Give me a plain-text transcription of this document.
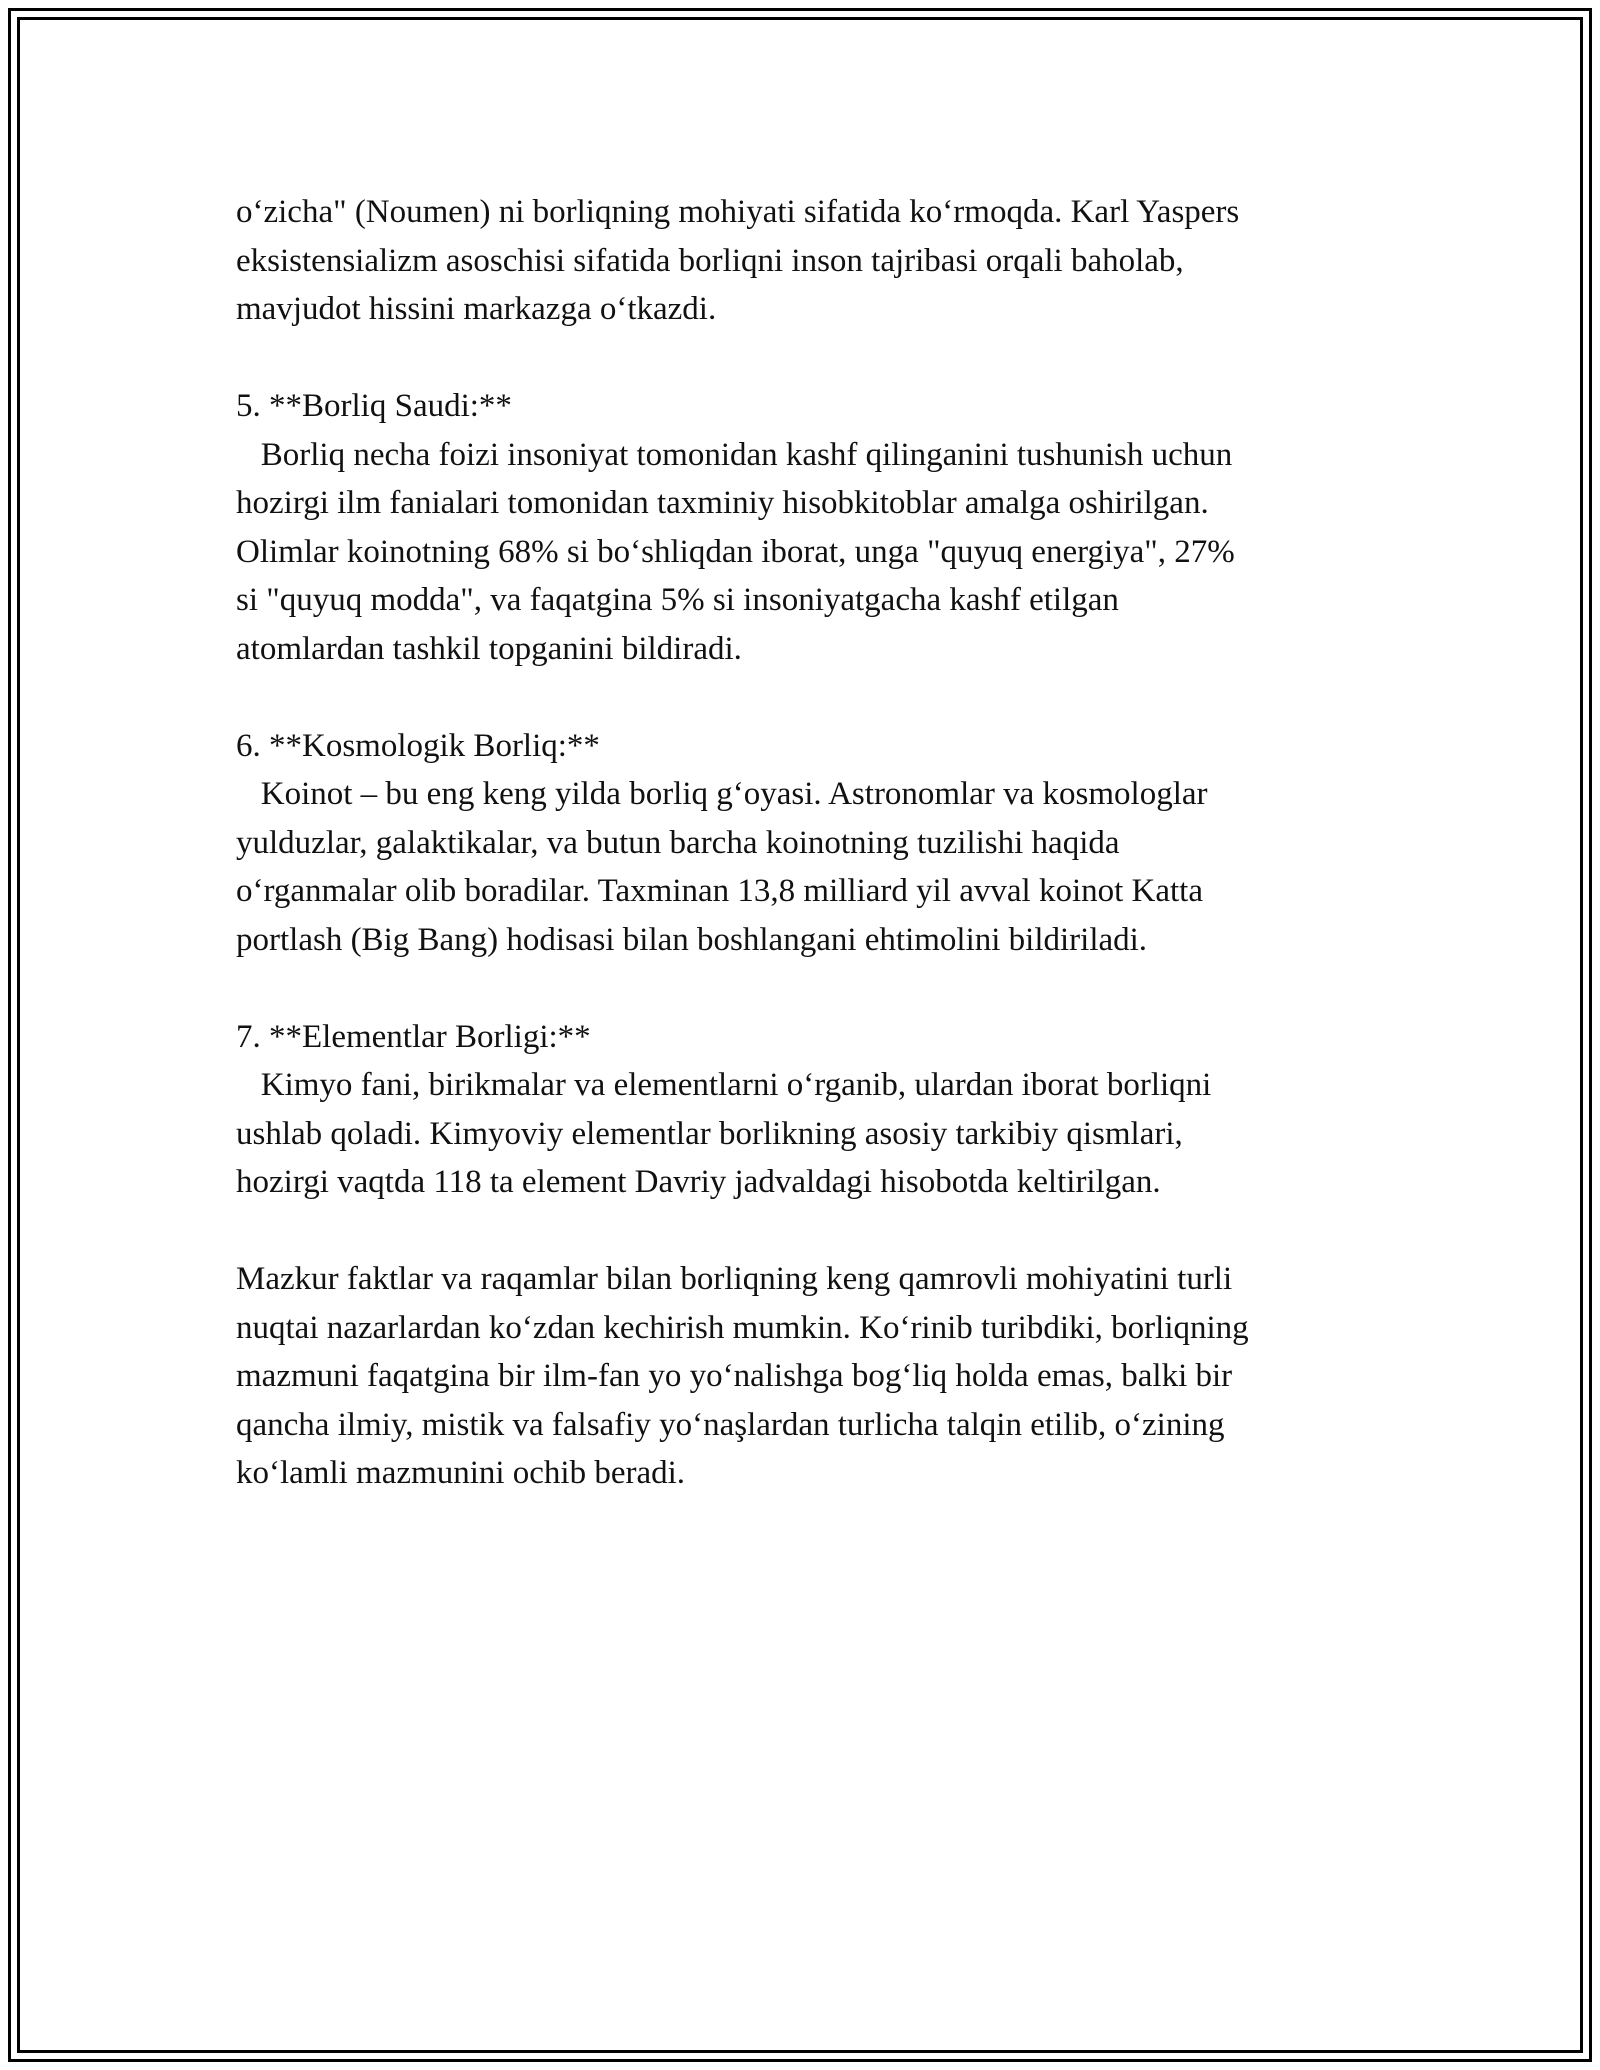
o‘zicha" (Noumen) ni borliqning mohiyati sifatida ko‘rmoqda. Karl Yaspers

eksistensializm asoschisi sifatida borliqni inson tajribasi orqali baholab,

mavjudot hissini markazga o‘tkazdi.

5. **Borliq Saudi:**

Borliq necha foizi insoniyat tomonidan kashf qilinganini tushunish uchun

hozirgi ilm fanialari tomonidan taxminiy hisobkitoblar amalga oshirilgan.

Olimlar koinotning 68% si bo‘shliqdan iborat, unga "quyuq energiya", 27%

si "quyuq modda", va faqatgina 5% si insoniyatgacha kashf etilgan

atomlardan tashkil topganini bildiradi.

6. **Kosmologik Borliq:**

Koinot – bu eng keng yilda borliq g‘oyasi. Astronomlar va kosmologlar

yulduzlar, galaktikalar, va butun barcha koinotning tuzilishi haqida

o‘rganmalar olib boradilar. Taxminan 13,8 milliard yil avval koinot Katta

portlash (Big Bang) hodisasi bilan boshlangani ehtimolini bildiriladi.

7. **Elementlar Borligi:**

Kimyo fani, birikmalar va elementlarni o‘rganib, ulardan iborat borliqni

ushlab qoladi. Kimyoviy elementlar borlikning asosiy tarkibiy qismlari,

hozirgi vaqtda 118 ta element Davriy jadvaldagi hisobotda keltirilgan.

Mazkur faktlar va raqamlar bilan borliqning keng qamrovli mohiyatini turli

nuqtai nazarlardan ko‘zdan kechirish mumkin. Ko‘rinib turibdiki, borliqning

mazmuni faqatgina bir ilm-fan yo yo‘nalishga bog‘liq holda emas, balki bir

qancha ilmiy, mistik va falsafiy yo‘naşlardan turlicha talqin etilib, o‘zining

ko‘lamli mazmunini ochib beradi.
